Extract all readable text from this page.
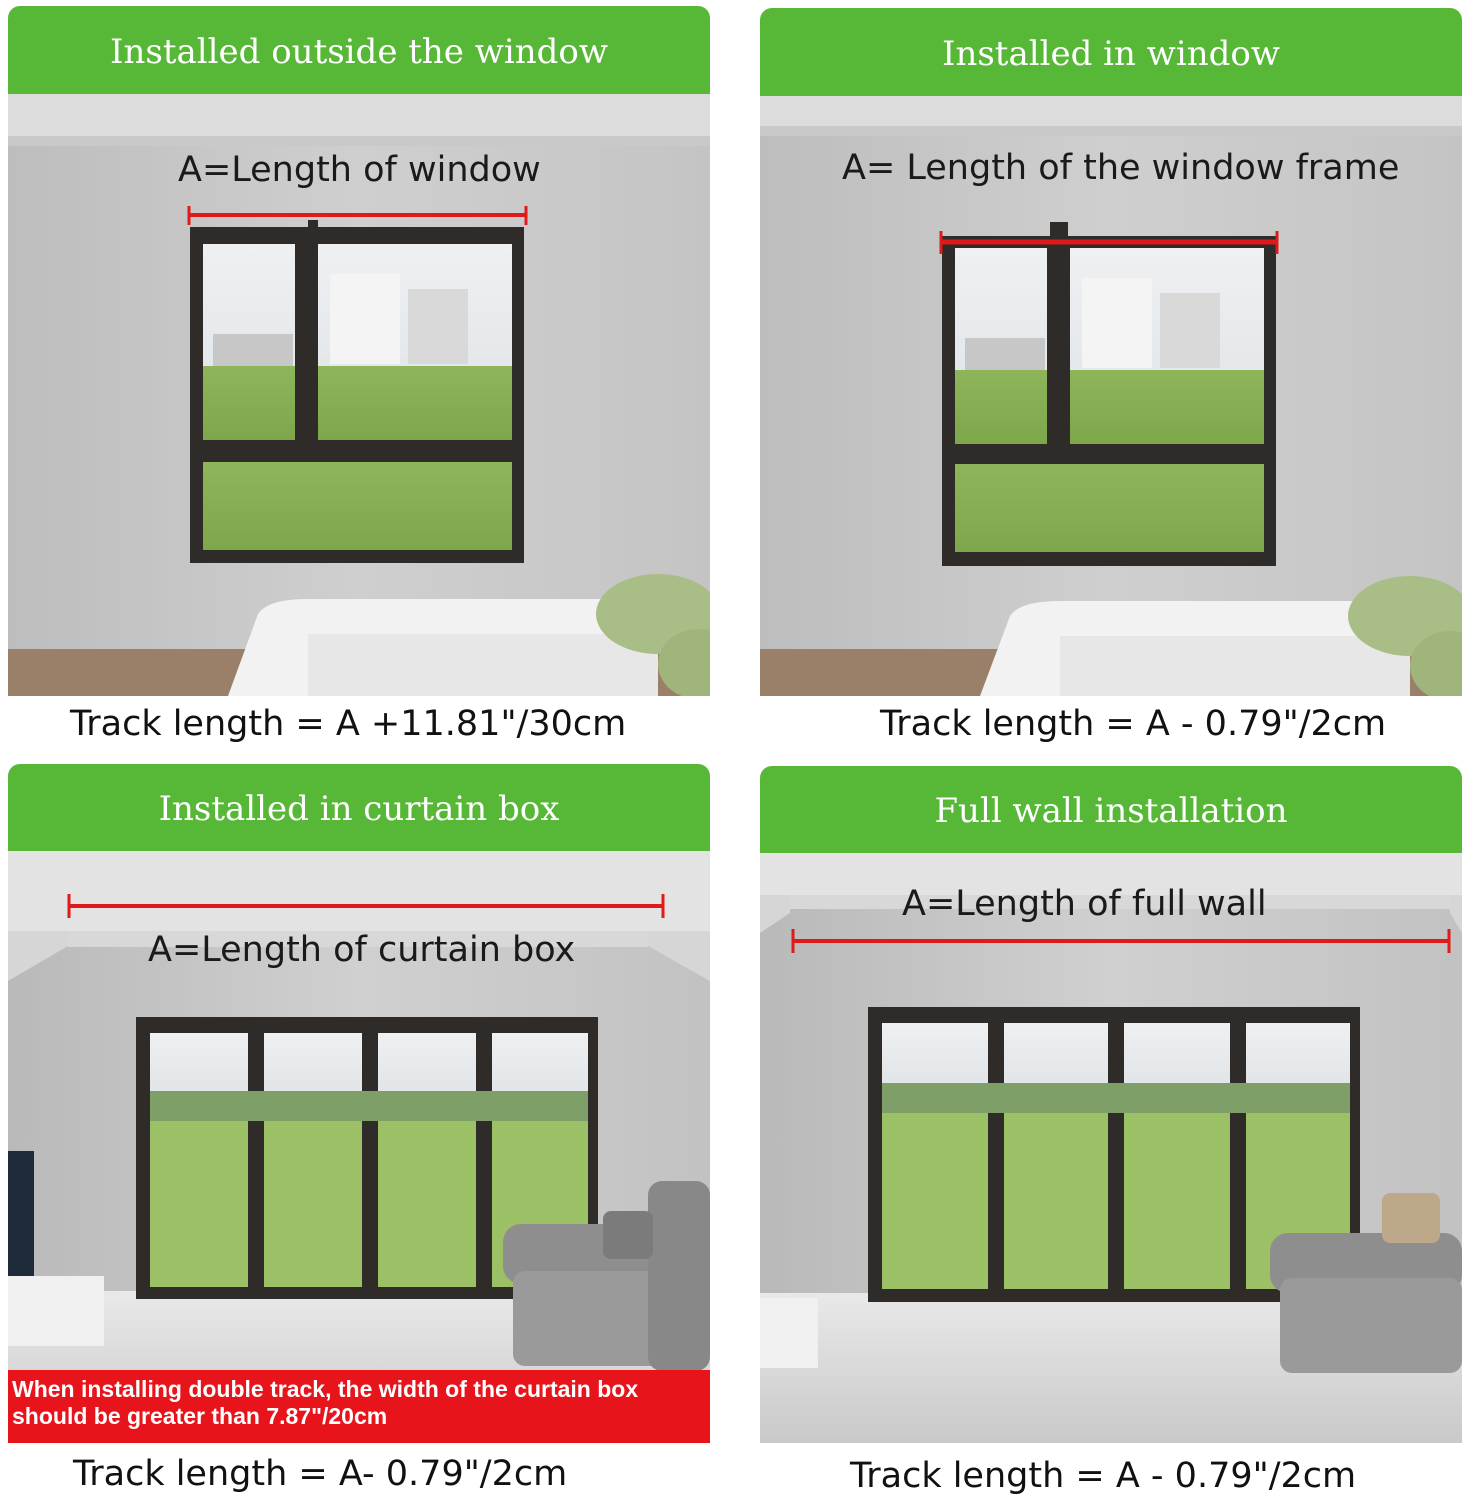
Installed outside the window
A=Length of window
Track length = A +11.81"/30cm
Installed in window
A= Length of the window frame
Track length = A - 0.79"/2cm
Installed in curtain box
A=Length of curtain box
When installing double track, the width of the curtain box
should be greater than 7.87"/20cm
Track length = A- 0.79"/2cm
Full wall installation
A=Length of full wall
Track length = A - 0.79"/2cm
